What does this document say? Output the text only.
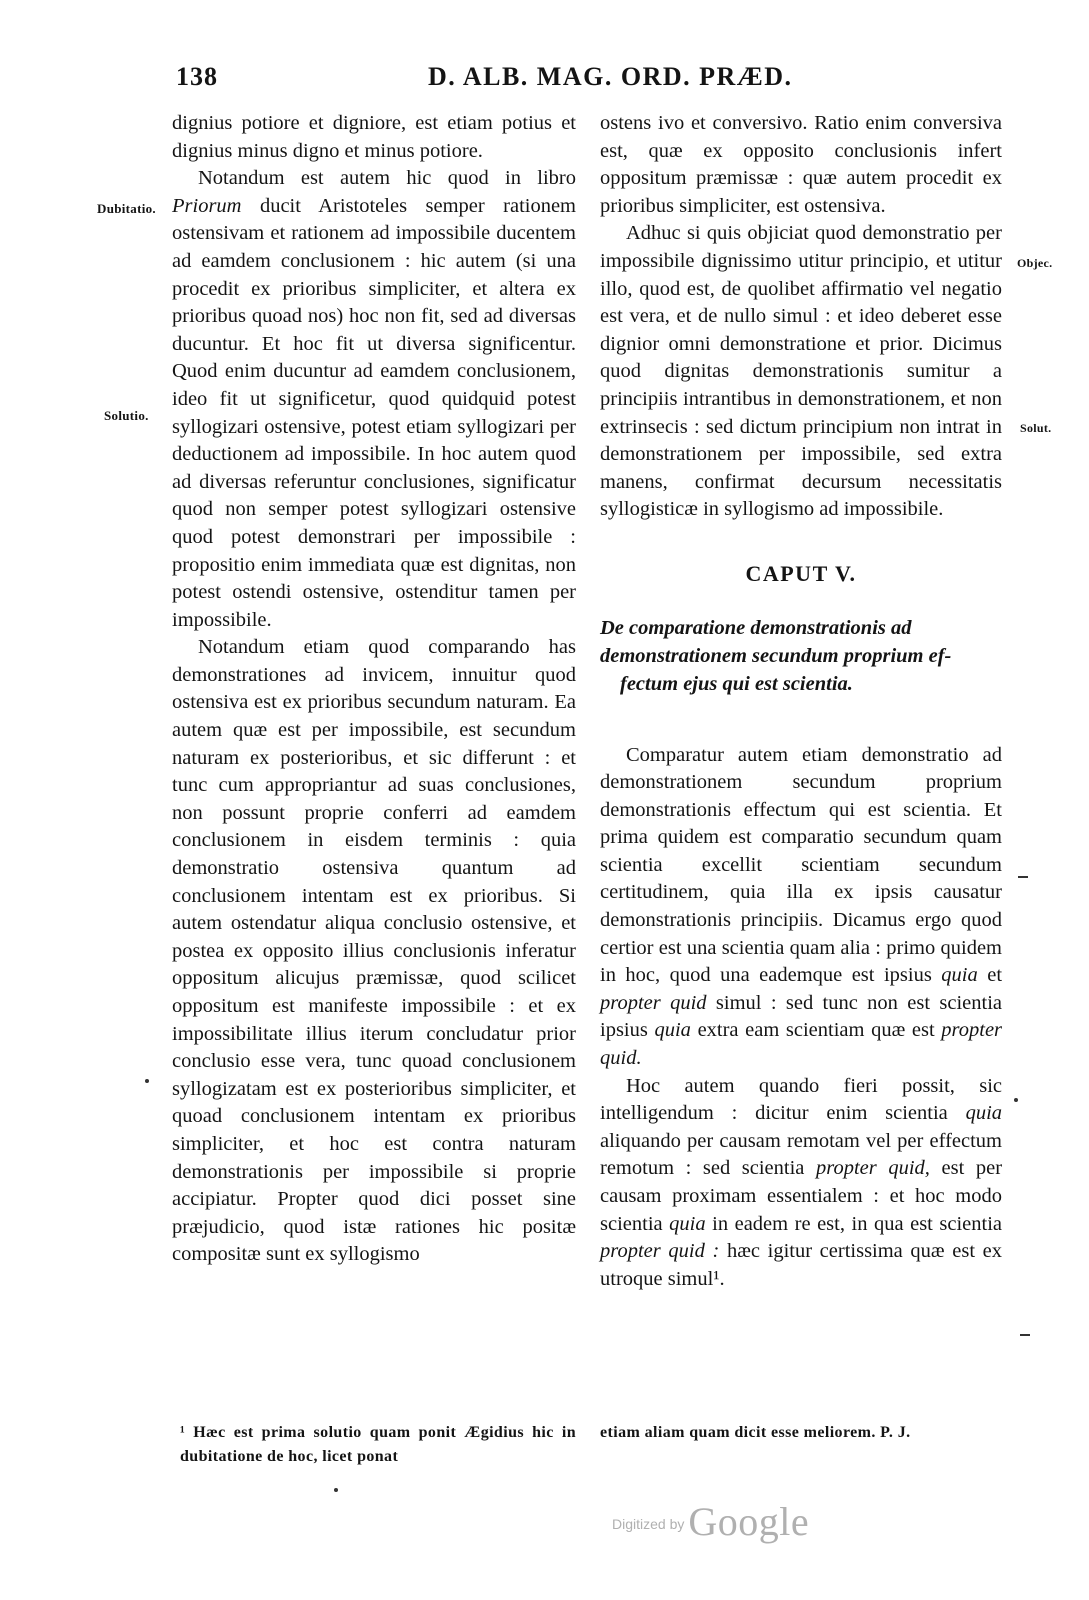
138	D. ALB. MAG. ORD. PRÆD.
Dubitatio.
Solutio.
Objec.
Solut.

dignius potiore et digniore, est etiam potius et dignius minus digno et minus potiore.

Notandum est autem hic quod in libro Priorum ducit Aristoteles semper rationem ostensivam et rationem ad impossibile ducentem ad eamdem conclusionem : hic autem (si una procedit ex prioribus simpliciter, et altera ex prioribus quoad nos) hoc non fit, sed ad diversas ducuntur. Et hoc fit ut diversa significentur. Quod enim ducuntur ad eamdem conclusionem, ideo fit ut significetur, quod quidquid potest syllogizari ostensive, potest etiam syllogizari per deductionem ad impossibile. In hoc autem quod ad diversas referuntur conclusiones, significatur quod non semper potest syllogizari ostensive quod potest demonstrari per impossibile : propositio enim immediata quæ est dignitas, non potest ostendi ostensive, ostenditur tamen per impossibile.

Notandum etiam quod comparando has demonstrationes ad invicem, innuitur quod ostensiva est ex prioribus secundum naturam. Ea autem quæ est per impossibile, est secundum naturam ex posterioribus, et sic differunt : et tunc cum appropriantur ad suas conclusiones, non possunt proprie conferri ad eamdem conclusionem in eisdem terminis : quia demonstratio ostensiva quantum ad conclusionem intentam est ex prioribus. Si autem ostendatur aliqua conclusio ostensive, et postea ex opposito illius conclusionis inferatur oppositum alicujus præmissæ, quod scilicet oppositum est manifeste impossibile : et ex impossibilitate illius iterum concludatur prior conclusio esse vera, tunc quoad conclusionem syllogizatam est ex posterioribus simpliciter, et quoad conclusionem intentam ex prioribus simpliciter, et hoc est contra naturam demonstrationis per impossibile si proprie accipiatur. Propter quod dici posset sine præjudicio, quod istæ rationes hic positæ compositæ sunt ex syllogismo

ostens ivo et conversivo. Ratio enim conversiva est, quæ ex opposito conclusionis infert oppositum præmissæ : quæ autem procedit ex prioribus simpliciter, est ostensiva.

Adhuc si quis objiciat quod demonstratio per impossibile dignissimo utitur principio, et utitur illo, quod est, de quolibet affirmatio vel negatio est vera, et de nullo simul : et ideo deberet esse dignior omni demonstratione et prior. Dicimus quod dignitas demonstrationis sumitur a principiis intrantibus in demonstrationem, et non extrinsecis : sed dictum principium non intrat in demonstrationem per impossibile, sed extra manens, confirmat decursum necessitatis syllogisticæ in syllogismo ad impossibile.

CAPUT V.
De comparatione demonstrationis ad demonstrationem secundum proprium ef-
fectum ejus qui est scientia.

Comparatur autem etiam demonstratio ad demonstrationem secundum proprium demonstrationis effectum qui est scientia. Et prima quidem est comparatio secundum quam scientia excellit scientiam secundum certitudinem, quia illa ex ipsis causatur demonstrationis principiis. Dicamus ergo quod certior est una scientia quam alia : primo quidem in hoc, quod una eademque est ipsius quia et propter quid simul : sed tunc non est scientia ipsius quia extra eam scientiam quæ est propter quid.

Hoc autem quando fieri possit, sic intelligendum : dicitur enim scientia quia aliquando per causam remotam vel per effectum remotum : sed scientia propter quid, est per causam proximam essentialem : et hoc modo scientia quia in eadem re est, in qua est scientia propter quid : hæc igitur certissima quæ est ex utroque simul¹.

¹ Hæc est prima solutio quam ponit Ægidius hic in dubitatione de hoc, licet ponat
etiam aliam quam dicit esse meliorem. P. J.
Digitized by Google
